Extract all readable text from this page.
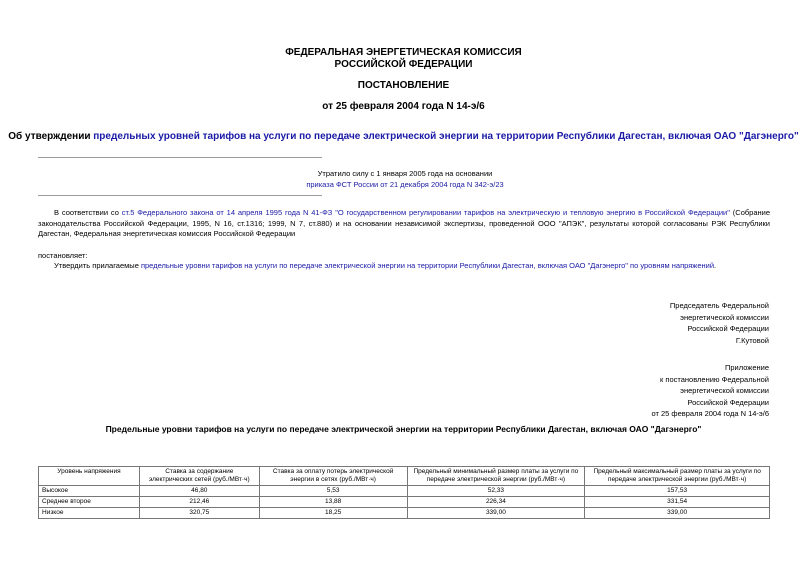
ФЕДЕРАЛЬНАЯ ЭНЕРГЕТИЧЕСКАЯ КОМИССИЯ
РОССИЙСКОЙ ФЕДЕРАЦИИ
ПОСТАНОВЛЕНИЕ
от 25 февраля 2004 года N 14-э/6
Об утверждении предельных уровней тарифов на услуги по передаче электрической энергии на территории Республики Дагестан, включая ОАО "Дагэнерго"
Утратило силу с 1 января 2005 года на основании
приказа ФСТ России от 21 декабря 2004 года N 342-э/23
В соответствии со ст.5 Федерального закона от 14 апреля 1995 года N 41-ФЗ "О государственном регулировании тарифов на электрическую и тепловую энергию в Российской Федерации" (Собрание законодательства Российской Федерации, 1995, N 16, ст.1316; 1999, N 7, ст.880) и на основании независимой экспертизы, проведенной ООО "АПЭК", результаты которой согласованы РЭК Республики Дагестан, Федеральная энергетическая комиссия Российской Федерации
постановляет:
Утвердить прилагаемые предельные уровни тарифов на услуги по передаче электрической энергии на территории Республики Дагестан, включая ОАО "Дагэнерго" по уровням напряжений.
Председатель Федеральной
энергетической комиссии
Российской Федерации
Г.Кутовой
Приложение
к постановлению Федеральной
энергетической комиссии
Российской Федерации
от 25 февраля 2004 года N 14-э/6
Предельные уровни тарифов на услуги по передаче электрической энергии на территории Республики Дагестан, включая ОАО "Дагэнерго"
Уровень напряжения	Ставка за содержание электрических сетей (руб./МВт·ч)	Ставка за оплату потерь электрической энергии в сетях (руб./МВт·ч)	Предельный минимальный размер платы за услуги по передаче электрической энергии (руб./МВт·ч)	Предельный максимальный размер платы за услуги по передаче электрической энергии (руб./МВт·ч)
Высокое	46,80	5,53	52,33	157,53
Среднее второе	212,46	13,88	226,34	331,54
Низкое	320,75	18,25	339,00	339,00
